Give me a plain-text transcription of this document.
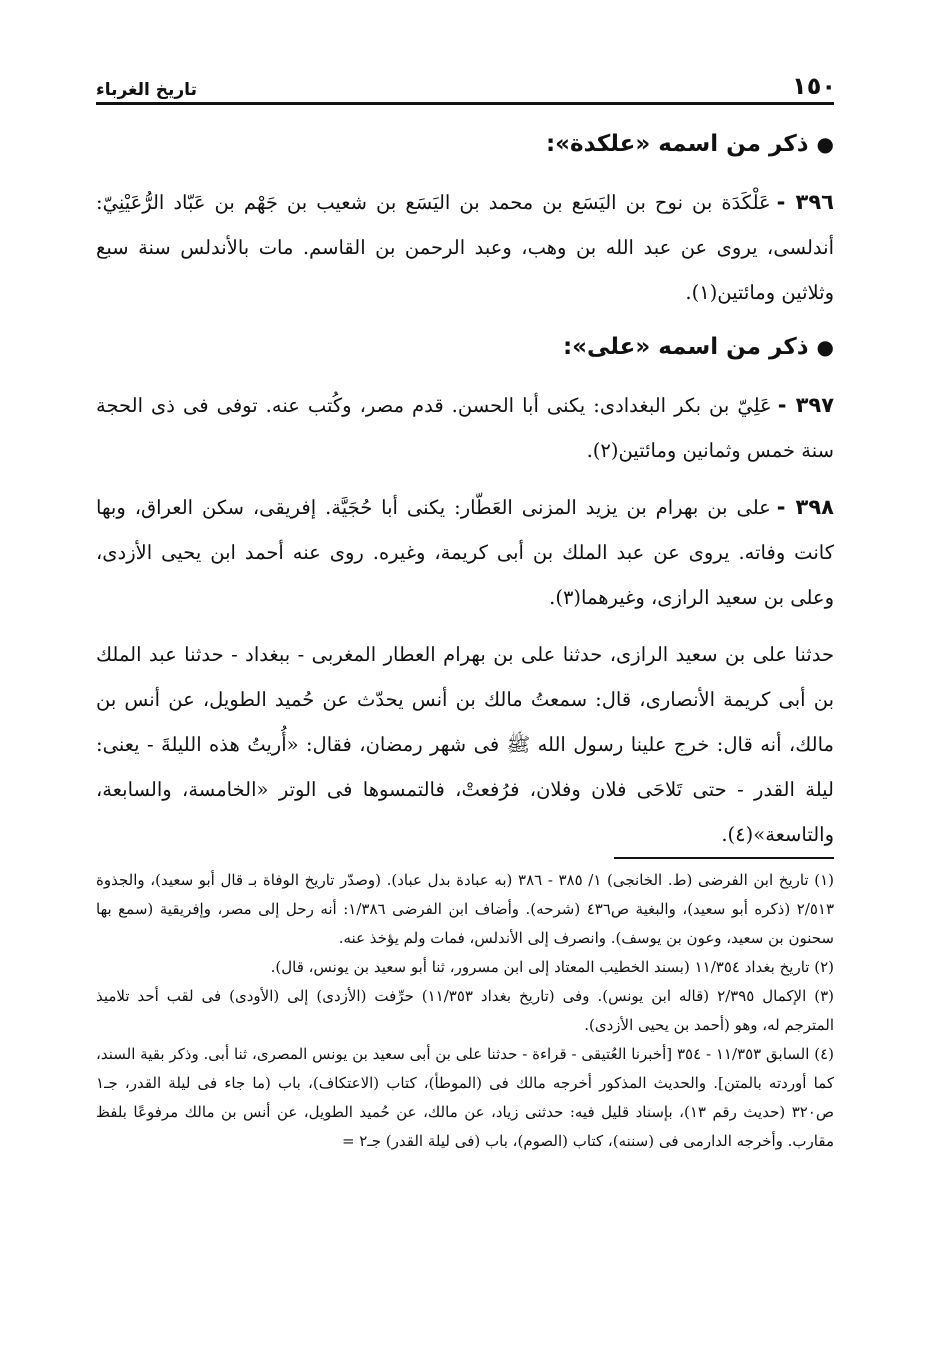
١٥٠
تاريخ الغرباء
●ذكر من اسمه «علكدة»:

٣٩٦ -عَلْكَدَة بن نوح بن اليَسَع بن محمد بن اليَسَع بن شعيب بن جَهْم بن عَبّاد الرُّعَيْنِيّ: أندلسى، يروى عن عبد الله بن وهب، وعبد الرحمن بن القاسم. مات بالأندلس سنة سبع وثلاثين ومائتين(١).

●ذكر من اسمه «على»:

٣٩٧ -عَلِيّ بن بكر البغدادى: يكنى أبا الحسن. قدم مصر، وكُتب عنه. توفى فى ذى الحجة سنة خمس وثمانين ومائتين(٢).

٣٩٨ -على بن بهرام بن يزيد المزنى العَطّار: يكنى أبا حُجَيَّة. إفريقى، سكن العراق، وبها كانت وفاته. يروى عن عبد الملك بن أبى كريمة، وغيره. روى عنه أحمد ابن يحيى الأزدى، وعلى بن سعيد الرازى، وغيرهما(٣).

حدثنا على بن سعيد الرازى، حدثنا على بن بهرام العطار المغربى - ببغداد - حدثنا عبد الملك بن أبى كريمة الأنصارى، قال: سمعتُ مالك بن أنس يحدّث عن حُميد الطويل، عن أنس بن مالك، أنه قال: خرج علينا رسول الله ﷺ فى شهر رمضان، فقال: «أُريتُ هذه الليلةَ - يعنى: ليلة القدر - حتى تَلاحَى فلان وفلان، فرُفعتْ، فالتمسوها فى الوتر «الخامسة، والسابعة، والتاسعة»(٤).

(١) تاريخ ابن الفرضى (ط. الخانجى) ١/ ٣٨٥ - ٣٨٦ (به عبادة بدل عباد). (وصدّر تاريخ الوفاة بـ قال أبو سعيد)، والجذوة ٢/٥١٣ (ذكره أبو سعيد)، والبغية ص٤٣٦ (شرحه). وأضاف ابن الفرضى ١/٣٨٦: أنه رحل إلى مصر، وإفريقية (سمع بها سحنون بن سعيد، وعون بن يوسف). وانصرف إلى الأندلس، فمات ولم يؤخذ عنه.

(٢) تاريخ بغداد ١١/٣٥٤ (بسند الخطيب المعتاد إلى ابن مسرور، ثنا أبو سعيد بن يونس، قال).

(٣) الإكمال ٢/٣٩٥ (قاله ابن يونس). وفى (تاريخ بغداد ١١/٣٥٣) حرِّفت (الأزدى) إلى (الأودى) فى لقب أحد تلاميذ المترجم له، وهو (أحمد بن يحيى الأزدى).

(٤) السابق ١١/٣٥٣ - ٣٥٤ [أخبرنا العُتيقى - قراءة - حدثنا على بن أبى سعيد بن يونس المصرى، ثنا أبى. وذكر بقية السند، كما أوردته بالمتن]. والحديث المذكور أخرجه مالك فى (الموطأ)، كتاب (الاعتكاف)، باب (ما جاء فى ليلة القدر، جـ١ ص٣٢٠ (حديث رقم ١٣)، بإسناد قليل فيه: حدثنى زياد، عن مالك، عن حُميد الطويل، عن أنس بن مالك مرفوعًا بلفظ مقارب. وأخرجه الدارمى فى (سننه)، كتاب (الصوم)، باب (فى ليلة القدر) جـ٢ =
